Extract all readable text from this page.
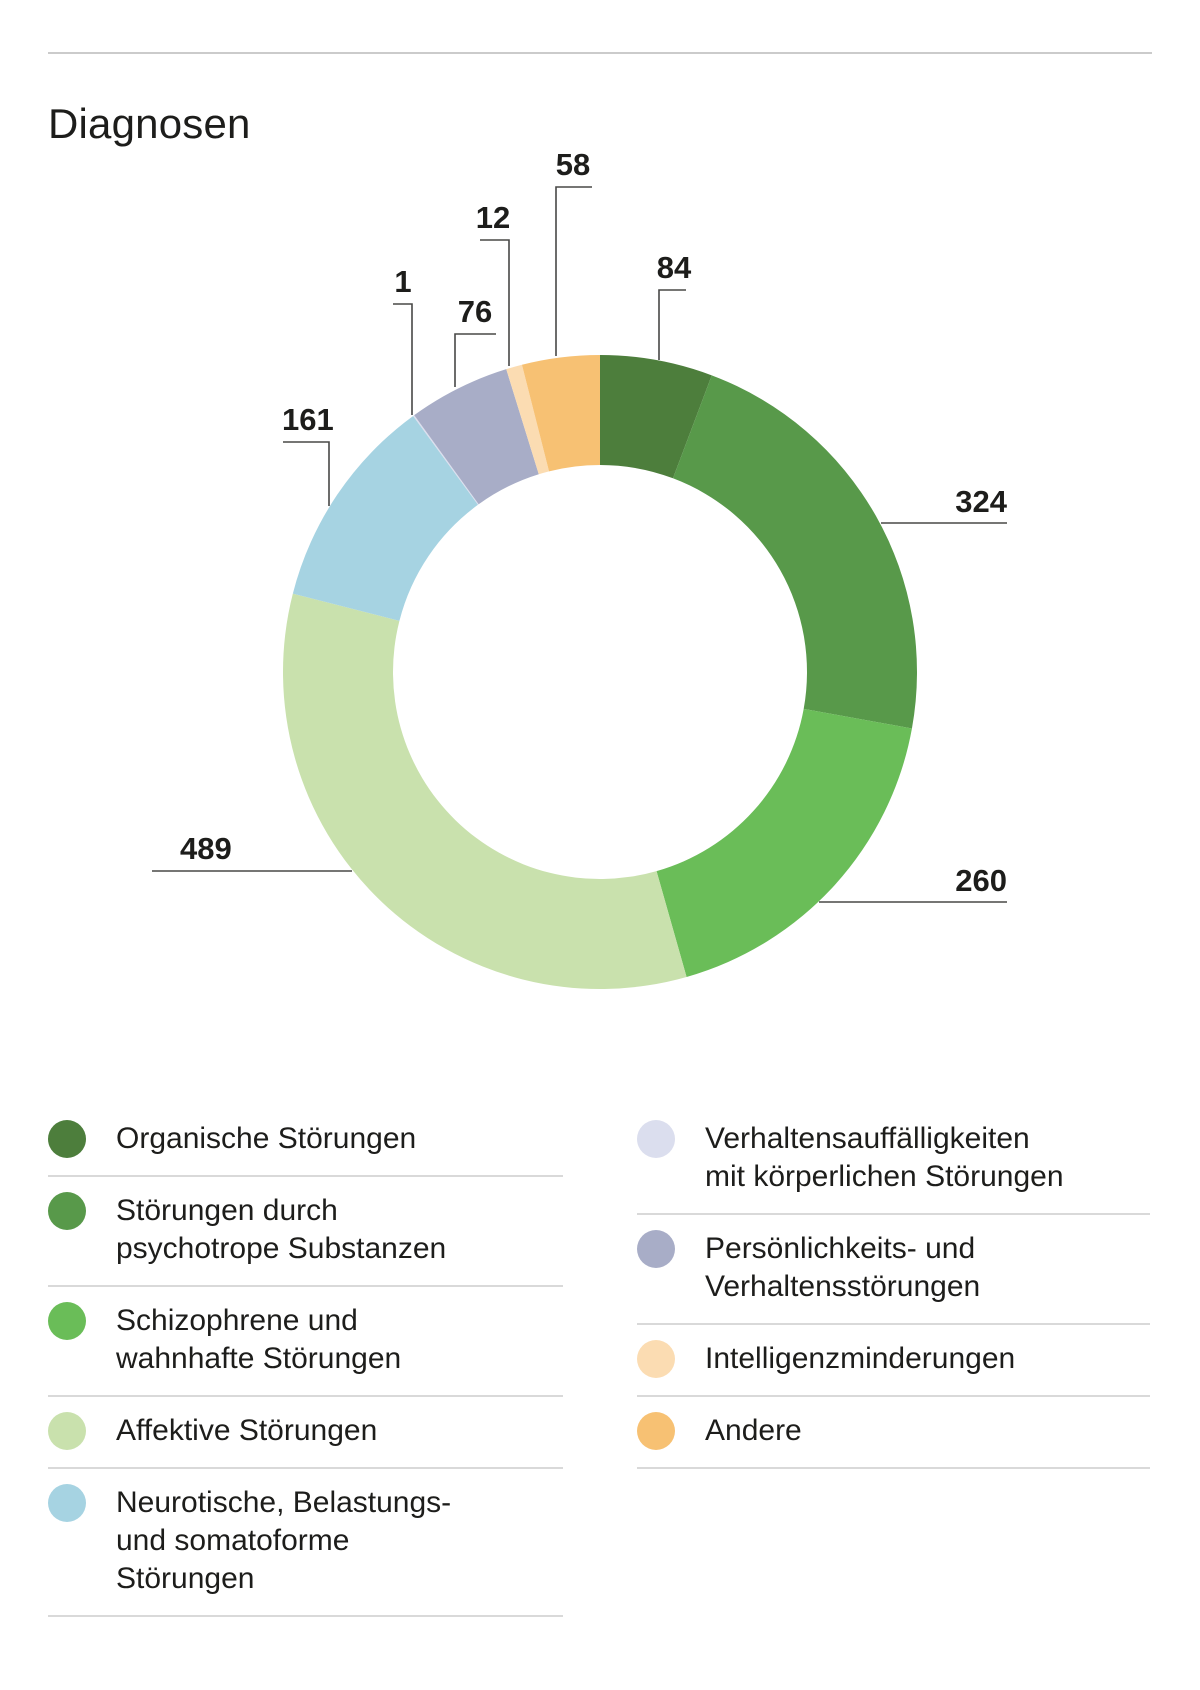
Diagnosen
84
324
260
489
161
1
76
12
58
Organische Störungen
Störungen durch
psychotrope Substanzen
Schizophrene und
wahnhafte Störungen
Affektive Störungen
Neurotische, Belastungs-
und somatoforme
Störungen
Verhaltensauffälligkeiten
mit körperlichen Störungen
Persönlichkeits- und
Verhaltensstörungen
Intelligenzminderungen
Andere
